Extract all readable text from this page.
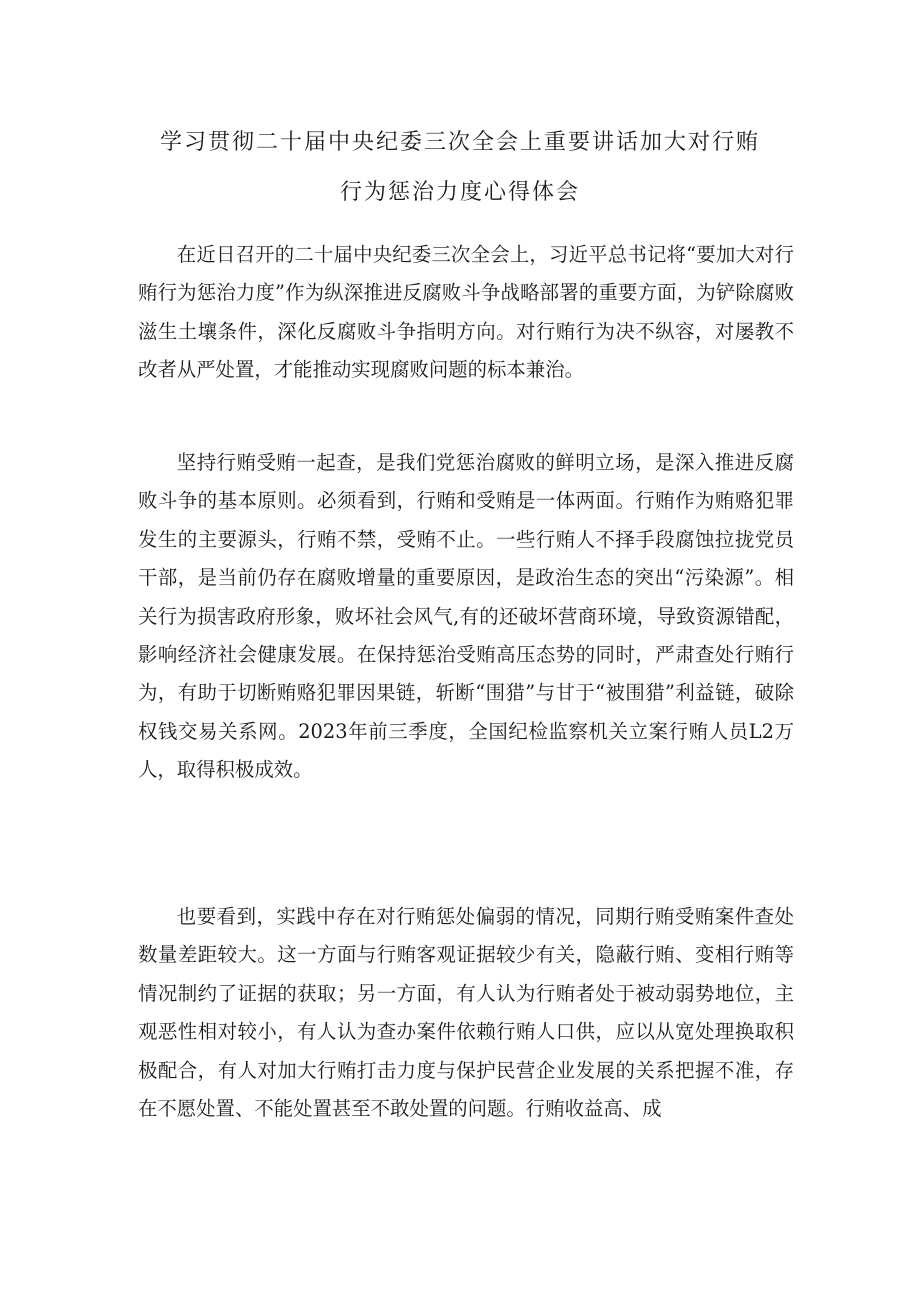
学习贯彻二十届中央纪委三次全会上重要讲话加大对行贿
行为惩治力度心得体会

在近日召开的二十届中央纪委三次全会上，习近平总书记将“要加大对行贿行为惩治力度”作为纵深推进反腐败斗争战略部署的重要方面，为铲除腐败滋生土壤条件，深化反腐败斗争指明方向。对行贿行为决不纵容，对屡教不改者从严处置，才能推动实现腐败问题的标本兼治。

坚持行贿受贿一起查，是我们党惩治腐败的鲜明立场，是深入推进反腐败斗争的基本原则。必须看到，行贿和受贿是一体两面。行贿作为贿赂犯罪发生的主要源头，行贿不禁，受贿不止。一些行贿人不择手段腐蚀拉拢党员干部，是当前仍存在腐败增量的重要原因，是政治生态的突出“污染源”。相关行为损害政府形象，败坏社会风气,有的还破坏营商环境，导致资源错配，影响经济社会健康发展。在保持惩治受贿高压态势的同时，严肃查处行贿行为，有助于切断贿赂犯罪因果链，斩断“围猎”与甘于“被围猎”利益链，破除权钱交易关系网。2023年前三季度，全国纪检监察机关立案行贿人员L2万人，取得积极成效。

也要看到，实践中存在对行贿惩处偏弱的情况，同期行贿受贿案件查处数量差距较大。这一方面与行贿客观证据较少有关，隐蔽行贿、变相行贿等情况制约了证据的获取；另一方面，有人认为行贿者处于被动弱势地位，主观恶性相对较小，有人认为查办案件依赖行贿人口供，应以从宽处理换取积极配合，有人对加大行贿打击力度与保护民营企业发展的关系把握不准，存在不愿处置、不能处置甚至不敢处置的问题。行贿收益高、成
